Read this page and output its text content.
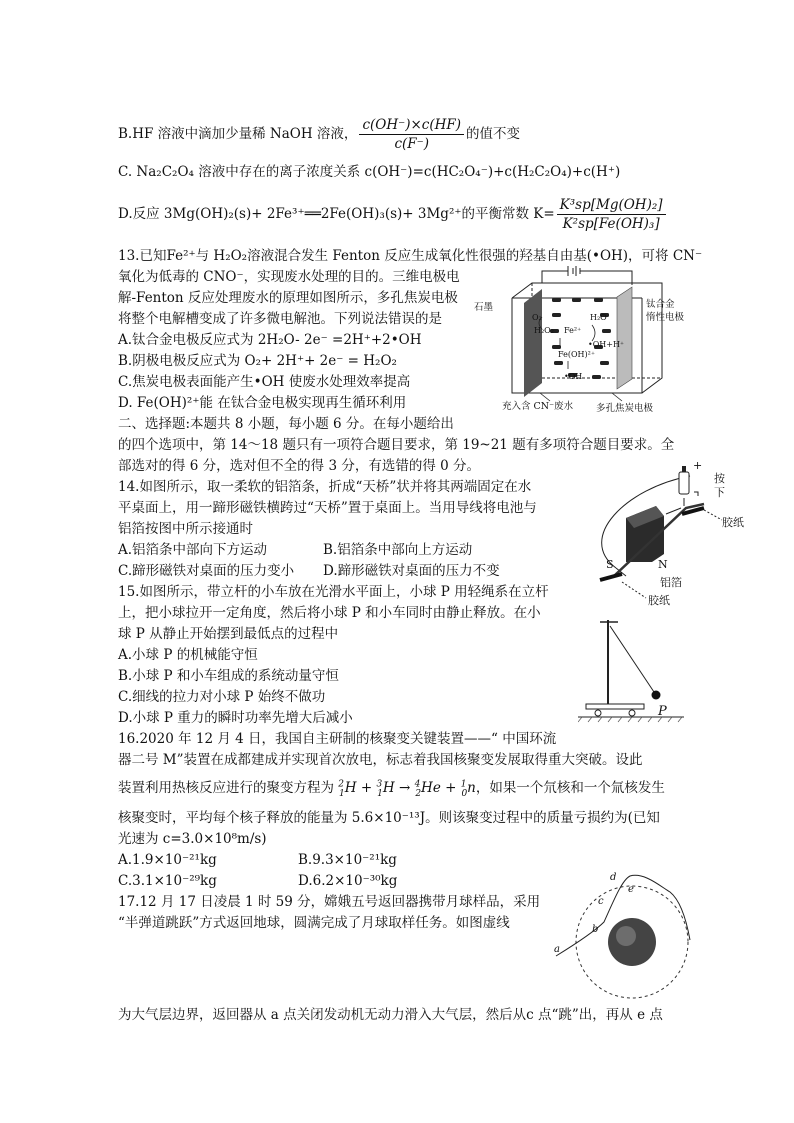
B.HF 溶液中滴加少量稀 NaOH 溶液， $\frac{c(OH^-)\times c(HF)}{c(F^-)}$ 的值不变
C. Na₂C₂O₄ 溶液中存在的离子浓度关系 c(OH⁻)=c(HC₂O₄⁻)+c(H₂C₂O₄)+c(H⁺)
D.反应 3Mg(OH)₂(s)+ 2Fe³⁺══2Fe(OH)₃(s)+ 3Mg²⁺的平衡常数 $K= \frac{\text{K³sp[Mg(OH)₂]}}{\text{K²sp[Fe(OH)₃]}}$
13.已知Fe²⁺与 H₂O₂溶液混合发生 Fenton 反应生成氧化性很强的羟基自由基(•OH)，可将 CN⁻
氧化为低毒的 CNO⁻，实现废水处理的目的。三维电极电
解-Fenton 反应处理废水的原理如图所示，多孔焦炭电极
将整个电解槽变成了许多微电解池。下列说法错误的是
A.钛合金电极反应式为 2H₂O- 2e⁻ =2H⁺+2•OH
B.阴极电极反应式为 O₂+ 2H⁺+ 2e⁻ = H₂O₂
C.焦炭电极表面能产生•OH 使废水处理效率提高
D. Fe(OH)²⁺能 在钛合金电极实现再生循环利用
石墨	钛合金
惰性电极
O₂
H₂O₂ Fe²⁺
H₂O
Fe(OH)²⁺
•OH
•OH+H⁺
充入含 CN⁻废水 多孔焦炭电极
二、选择题:本题共 8 小题，每小题 6 分。在每小题给出
的四个选项中，第 14～18 题只有一项符合题目要求，第 19~21 题有多项符合题目要求。全
部选对的得 6 分，选对但不全的得 3 分，有选错的得 0 分。
14.如图所示，取一柔软的铝箔条，折成“天桥”状并将其两端固定在水
平桌面上，用一蹄形磁铁横跨过“天桥”置于桌面上。当用导线将电池与
铝箔按图中所示接通时
A.铝箔条中部向下方运动	B.铝箔条中部向上方运动
C.蹄形磁铁对桌面的压力变小 D.蹄形磁铁对桌面的压力不变
+
按
下
胶纸
S	N
铝箔
胶纸
15.如图所示，带立杆的小车放在光滑水平面上，小球 P 用轻绳系在立杆
上，把小球拉开一定角度，然后将小球 P 和小车同时由静止释放。在小
球 P 从静止开始摆到最低点的过程中
A.小球 P 的机械能守恒
B.小球 P 和小车组成的系统动量守恒
C.细线的拉力对小球 P 始终不做功
D.小球 P 重力的瞬时功率先增大后减小	P
16.2020 年 12 月 4 日，我国自主研制的核聚变关键装置——“ 中国环流
器二号 M”装置在成都建成并实现首次放电，标志着我国核聚变发展取得重大突破。设此
装置利用热核反应进行的聚变方程为 $^2_1$H + $^3_1$H → $^4_2$He + $^1_0$n，如果一个氘核和一个氚核发生
核聚变时，平均每个核子释放的能量为 5.6×10⁻¹³J。则该聚变过程中的质量亏损约为(已知
光速为 c=3.0×10⁸m/s)
A.1.9×10⁻²¹kg	B.9.3×10⁻²¹kg
C.3.1×10⁻²⁹kg	D.6.2×10⁻³⁰kg
17.12 月 17 日凌晨 1 时 59 分，嫦娥五号返回器携带月球样品，采用
“半弹道跳跃”方式返回地球，圆满完成了月球取样任务。如图虚线
为大气层边界，返回器从 a 点关闭发动机无动力滑入大气层，然后从c 点“跳”出，再从 e 点
a
b
c
d
e
